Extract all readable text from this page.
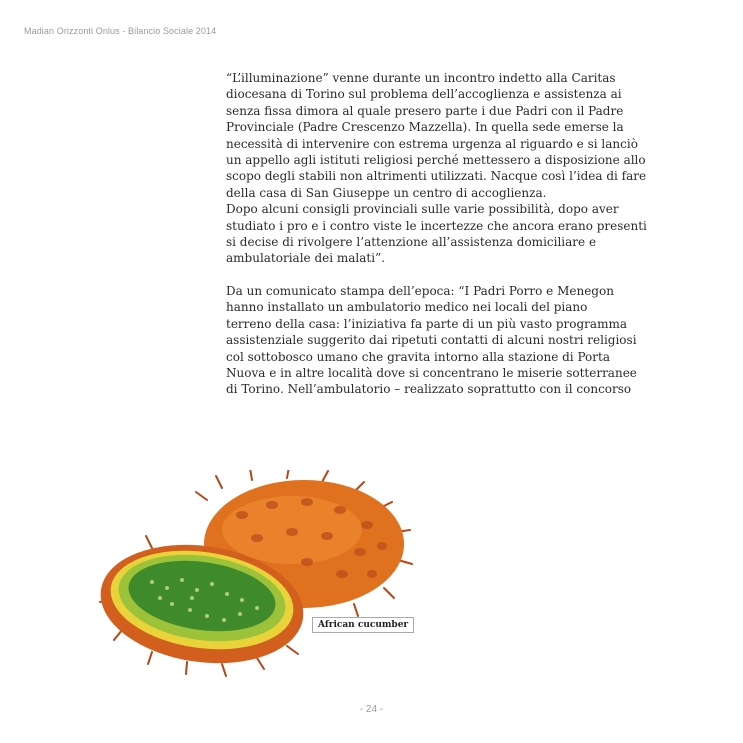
Madian Orizzonti Onlus - Bilancio Sociale 2014

“L’illuminazione” venne durante un incontro indetto alla Caritas
diocesana di Torino sul problema dell’accoglienza e assistenza ai
senza fissa dimora al quale presero parte i due Padri con il Padre
Provinciale (Padre Crescenzo Mazzella). In quella sede emerse la
necessità di intervenire con estrema urgenza al riguardo e si lanciò
un appello agli istituti religiosi perché mettessero a disposizione allo
scopo degli stabili non altrimenti utilizzati. Nacque così l’idea di fare
della casa di San Giuseppe un centro di accoglienza.
Dopo alcuni consigli provinciali sulle varie possibilità, dopo aver
studiato i pro e i contro viste le incertezze che ancora erano presenti
si decise di rivolgere l’attenzione all’assistenza domiciliare e
ambulatoriale dei malati”.

Da un comunicato stampa dell’epoca: “I Padri Porro e Menegon
hanno installato un ambulatorio medico nei locali del piano
terreno della casa: l’iniziativa fa parte di un più vasto programma
assistenziale suggerito dai ripetuti contatti di alcuni nostri religiosi
col sottobosco umano che gravita intorno alla stazione di Porta
Nuova e in altre località dove si concentrano le miserie sotterranee
di Torino. Nell’ambulatorio – realizzato soprattutto con il concorso

African cucumber
- 24 -
